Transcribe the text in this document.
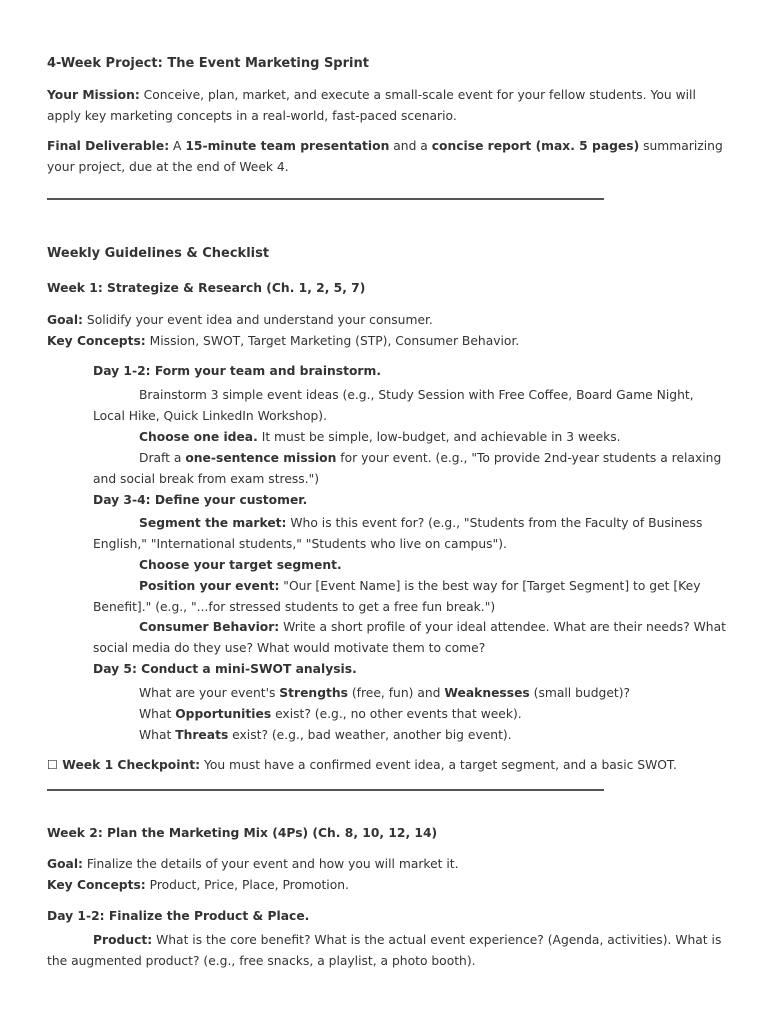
4-Week Project: The Event Marketing Sprint

Your Mission: Conceive, plan, market, and execute a small-scale event for your fellow students. You will apply key marketing concepts in a real-world, fast-paced scenario.

Final Deliverable: A 15-minute team presentation and a concise report (max. 5 pages) summarizing your project, due at the end of Week 4.

Weekly Guidelines & Checklist

Week 1: Strategize & Research (Ch. 1, 2, 5, 7)

Goal: Solidify your event idea and understand your consumer.

Key Concepts: Mission, SWOT, Target Marketing (STP), Consumer Behavior.

Day 1-2: Form your team and brainstorm.

Brainstorm 3 simple event ideas (e.g., Study Session with Free Coffee, Board Game Night, Local Hike, Quick LinkedIn Workshop).

Choose one idea. It must be simple, low-budget, and achievable in 3 weeks.

Draft a one-sentence mission for your event. (e.g., "To provide 2nd-year students a relaxing and social break from exam stress.")

Day 3-4: Define your customer.

Segment the market: Who is this event for? (e.g., "Students from the Faculty of Business English," "International students," "Students who live on campus").

Choose your target segment.

Position your event: "Our [Event Name] is the best way for [Target Segment] to get [Key Benefit]." (e.g., "...for stressed students to get a free fun break.")

Consumer Behavior: Write a short profile of your ideal attendee. What are their needs? What social media do they use? What would motivate them to come?

Day 5: Conduct a mini-SWOT analysis.

What are your event's Strengths (free, fun) and Weaknesses (small budget)?

What Opportunities exist? (e.g., no other events that week).

What Threats exist? (e.g., bad weather, another big event).

☐ Week 1 Checkpoint: You must have a confirmed event idea, a target segment, and a basic SWOT.

Week 2: Plan the Marketing Mix (4Ps) (Ch. 8, 10, 12, 14)

Goal: Finalize the details of your event and how you will market it.

Key Concepts: Product, Price, Place, Promotion.

Day 1-2: Finalize the Product & Place.

Product: What is the core benefit? What is the actual event experience? (Agenda, activities). What is the augmented product? (e.g., free snacks, a playlist, a photo booth).
